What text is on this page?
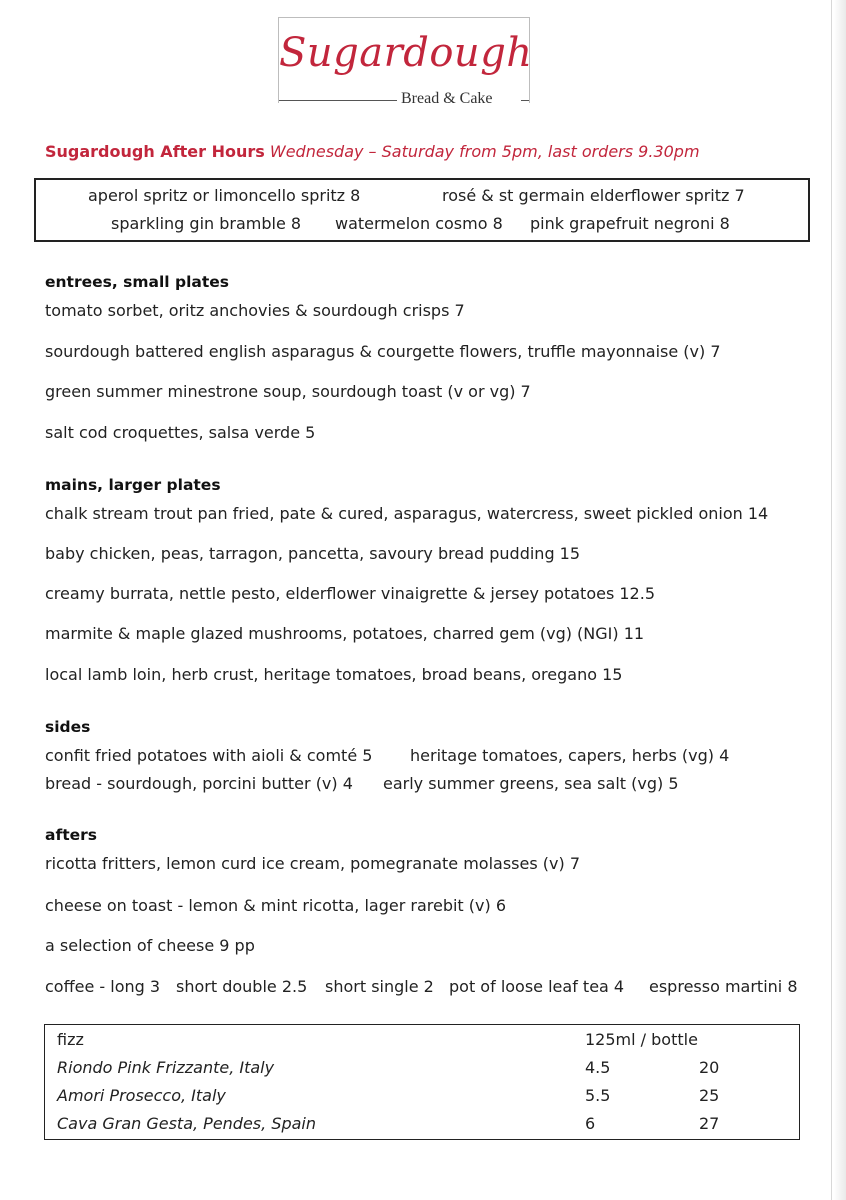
Sugardough
Bread & Cake
Sugardough After Hours Wednesday – Saturday from 5pm, last orders 9.30pm
aperol spritz or limoncello spritz 8	rosé & st germain elderflower spritz 7
sparkling gin bramble 8 watermelon cosmo 8 pink grapefruit negroni 8
entrees, small plates
tomato sorbet, oritz anchovies & sourdough crisps 7
sourdough battered english asparagus & courgette flowers, truffle mayonnaise (v) 7
green summer minestrone soup, sourdough toast (v or vg) 7
salt cod croquettes, salsa verde 5
mains, larger plates
chalk stream trout pan fried, pate & cured, asparagus, watercress, sweet pickled onion 14
baby chicken, peas, tarragon, pancetta, savoury bread pudding 15
creamy burrata, nettle pesto, elderflower vinaigrette & jersey potatoes 12.5
marmite & maple glazed mushrooms, potatoes, charred gem (vg) (NGI) 11
local lamb loin, herb crust, heritage tomatoes, broad beans, oregano 15
sides
confit fried potatoes with aioli & comté 5 heritage tomatoes, capers, herbs (vg) 4
bread - sourdough, porcini butter (v) 4 early summer greens, sea salt (vg) 5
afters
ricotta fritters, lemon curd ice cream, pomegranate molasses (v) 7
cheese on toast - lemon & mint ricotta, lager rarebit (v) 6
a selection of cheese 9 pp
coffee - long 3 short double 2.5 short single 2 pot of loose leaf tea 4 espresso martini 8
fizz	125ml / bottle
Riondo Pink Frizzante, Italy	4.5	20
Amori Prosecco, Italy	5.5	25
Cava Gran Gesta, Pendes, Spain	6	27
